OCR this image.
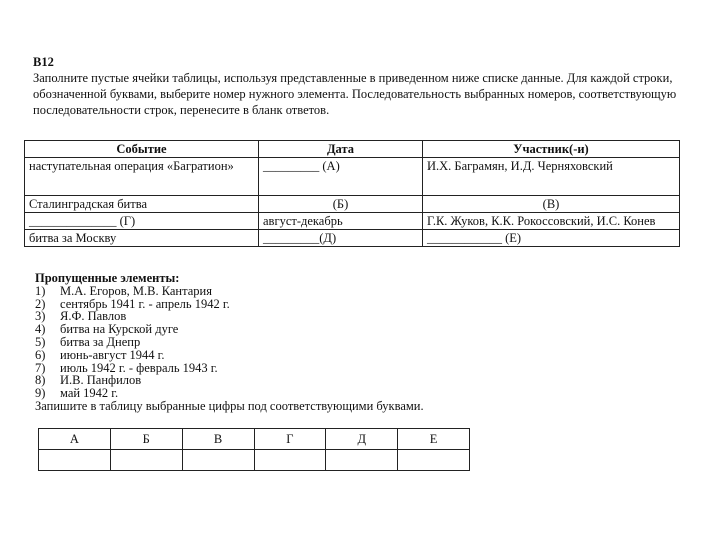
В12
Заполните пустые ячейки таблицы, используя представленные в приведенном ниже списке данные. Для каждой строки, обозначенной буквами, выберите номер нужного элемента. Последовательность выбранных номеров, соответствующую последовательности строк, перенесите в бланк ответов.
Событие	Дата	Участник(-и)
наступательная операция «Багратион»	_________ (А)	И.Х. Баграмян, И.Д. Черняховский
Сталинградская битва	(Б)	(В)
______________ (Г)	август-декабрь	Г.К. Жуков, К.К. Рокоссовский, И.С. Конев
битва за Москву	_________(Д)	____________ (Е)
Пропущенные элементы:
1) М.А. Егоров, М.В. Кантария
2) сентябрь 1941 г. - апрель 1942 г.
3) Я.Ф. Павлов
4) битва на Курской дуге
5) битва за Днепр
6) июнь-август 1944 г.
7) июль 1942 г. - февраль 1943 г.
8) И.В. Панфилов
9) май 1942 г.
Запишите в таблицу выбранные цифры под соответствующими буквами.
А	Б	В	Г	Д	Е
